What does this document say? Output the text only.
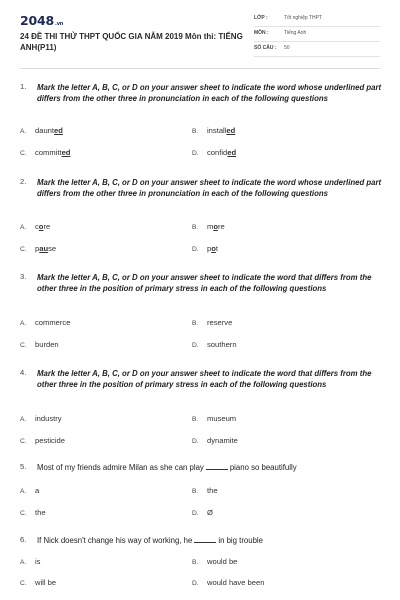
2048.vn
24 ĐỀ THI THỬ THPT QUỐC GIA NĂM 2019 Môn thi: TIẾNG ANH(P11)
LỚP :	Tốt nghiệp THPT
MÔN :	Tiếng Anh
SỐ CÂU : 50
1. Mark the letter A, B, C, or D on your answer sheet to indicate the word whose underlined part differs from the other three in pronunciation in each of the following questions
A. daunted	B. installed
C. committed	D. confided
2. Mark the letter A, B, C, or D on your answer sheet to indicate the word whose underlined part differs from the other three in pronunciation in each of the following questions
A. core	B. more
C. pause	D. pot
3. Mark the letter A, B, C, or D on your answer sheet to indicate the word that differs from the other three in the position of primary stress in each of the following questions
A. commerce	B. reserve
C. burden	D. southern
4. Mark the letter A, B, C, or D on your answer sheet to indicate the word that differs from the other three in the position of primary stress in each of the following questions
A. industry	B. museum
C. pesticide	D. dynamite
5. Most of my friends admire Milan as she can play	piano so beautifully
A. a	B. the
C. the	D. Ø
6. If Nick doesn't change his way of working, he	in big trouble
A. is	B. would be
C. will be	D. would have been
